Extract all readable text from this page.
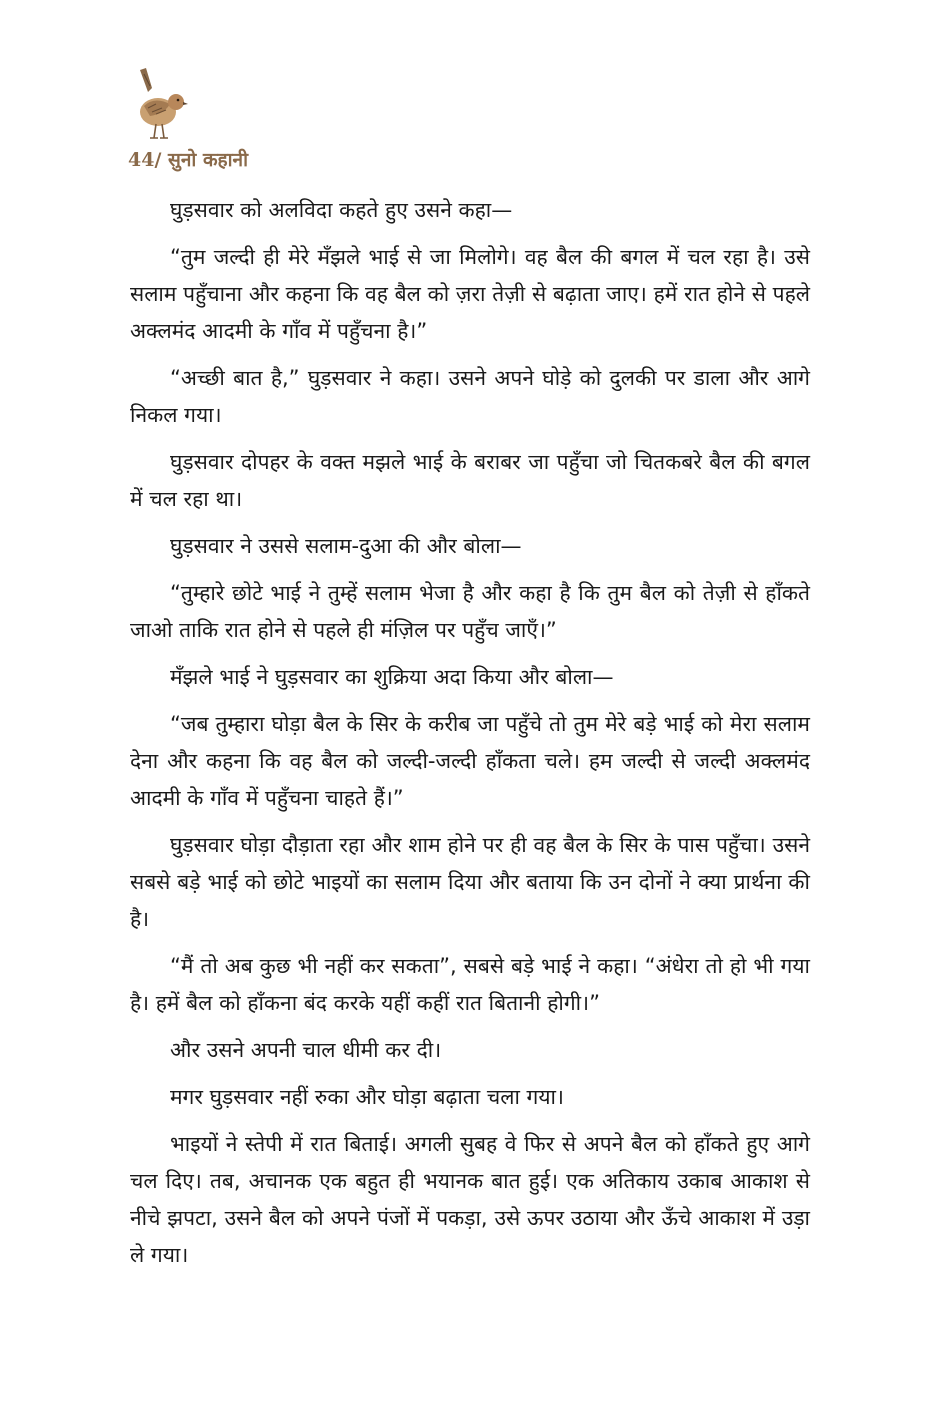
44/ सुनो कहानी

घुड़सवार को अलविदा कहते हुए उसने कहा—

“तुम जल्दी ही मेरे मँझले भाई से जा मिलोगे। वह बैल की बगल में चल रहा है। उसे सलाम पहुँचाना और कहना कि वह बैल को ज़रा तेज़ी से बढ़ाता जाए। हमें रात होने से पहले अक्लमंद आदमी के गाँव में पहुँचना है।”

“अच्छी बात है,” घुड़सवार ने कहा। उसने अपने घोड़े को दुलकी पर डाला और आगे निकल गया।

घुड़सवार दोपहर के वक्त मझले भाई के बराबर जा पहुँचा जो चितकबरे बैल की बगल में चल रहा था।

घुड़सवार ने उससे सलाम-दुआ की और बोला—

“तुम्हारे छोटे भाई ने तुम्हें सलाम भेजा है और कहा है कि तुम बैल को तेज़ी से हाँकते जाओ ताकि रात होने से पहले ही मंज़िल पर पहुँच जाएँ।”

मँझले भाई ने घुड़सवार का शुक्रिया अदा किया और बोला—

“जब तुम्हारा घोड़ा बैल के सिर के करीब जा पहुँचे तो तुम मेरे बड़े भाई को मेरा सलाम देना और कहना कि वह बैल को जल्दी-जल्दी हाँकता चले। हम जल्दी से जल्दी अक्लमंद आदमी के गाँव में पहुँचना चाहते हैं।”

घुड़सवार घोड़ा दौड़ाता रहा और शाम होने पर ही वह बैल के सिर के पास पहुँचा। उसने सबसे बड़े भाई को छोटे भाइयों का सलाम दिया और बताया कि उन दोनों ने क्या प्रार्थना की है।

“मैं तो अब कुछ भी नहीं कर सकता”, सबसे बड़े भाई ने कहा। “अंधेरा तो हो भी गया है। हमें बैल को हाँकना बंद करके यहीं कहीं रात बितानी होगी।”

और उसने अपनी चाल धीमी कर दी।

मगर घुड़सवार नहीं रुका और घोड़ा बढ़ाता चला गया।

भाइयों ने स्तेपी में रात बिताई। अगली सुबह वे फिर से अपने बैल को हाँकते हुए आगे चल दिए। तब, अचानक एक बहुत ही भयानक बात हुई। एक अतिकाय उकाब आकाश से नीचे झपटा, उसने बैल को अपने पंजों में पकड़ा, उसे ऊपर उठाया और ऊँचे आकाश में उड़ा ले गया।
